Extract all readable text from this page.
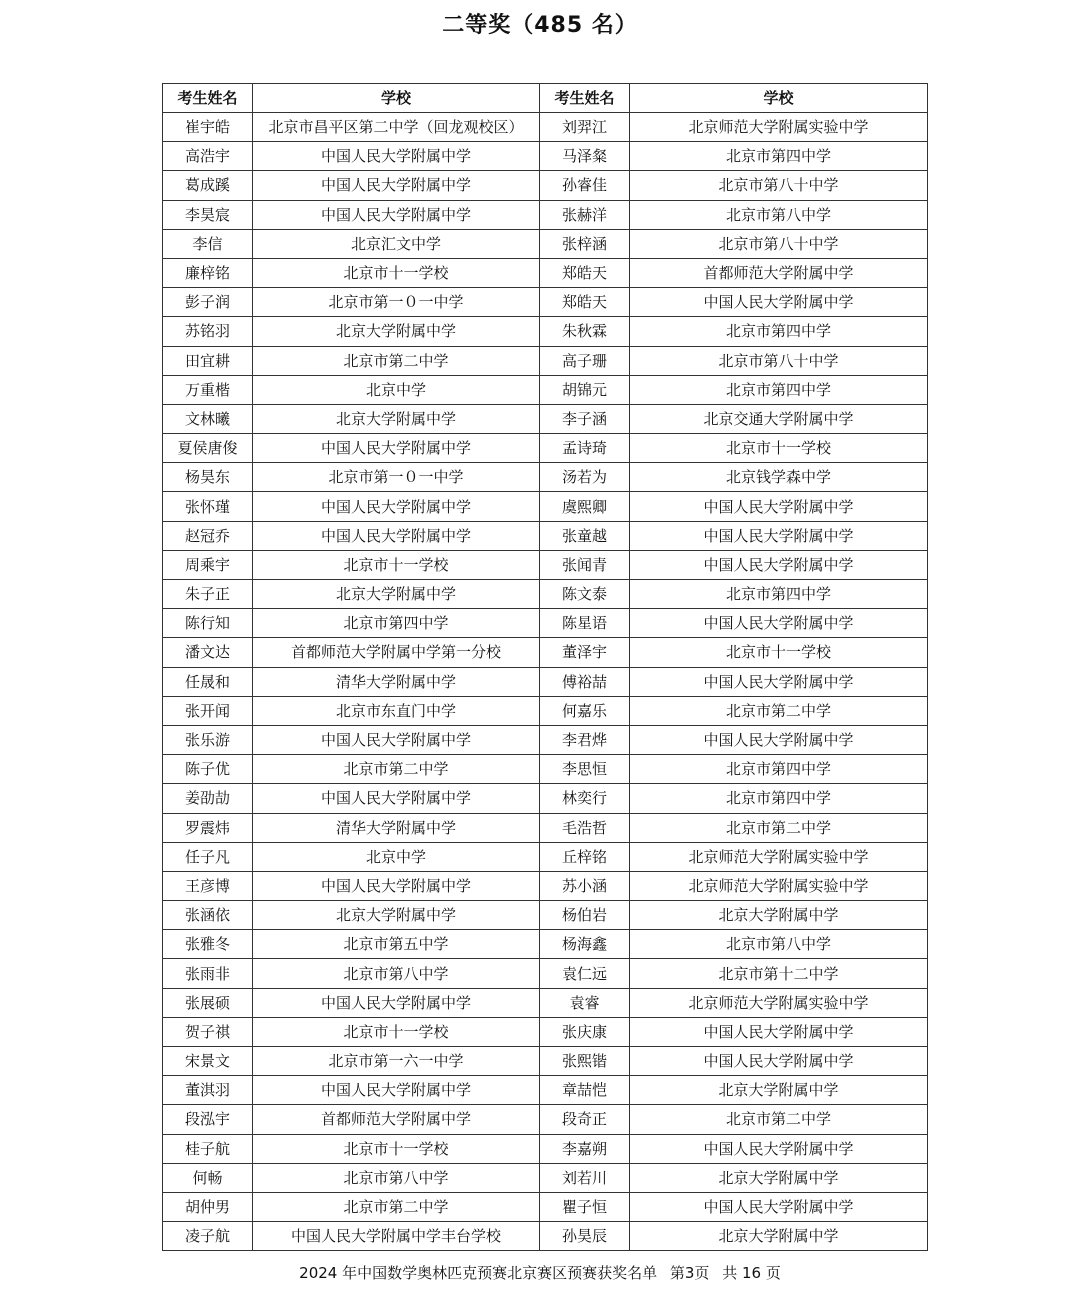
二等奖（485 名）
考生姓名	学校	考生姓名	学校
崔宇皓	北京市昌平区第二中学（回龙观校区）	刘羿江	北京师范大学附属实验中学
高浩宇	中国人民大学附属中学	马泽粲	北京市第四中学
葛成蹊	中国人民大学附属中学	孙睿佳	北京市第八十中学
李昊宸	中国人民大学附属中学	张赫洋	北京市第八中学
李信	北京汇文中学	张梓涵	北京市第八十中学
廉梓铭	北京市十一学校	郑皓天	首都师范大学附属中学
彭子润	北京市第一０一中学	郑皓天	中国人民大学附属中学
苏铭羽	北京大学附属中学	朱秋霖	北京市第四中学
田宜耕	北京市第二中学	高子珊	北京市第八十中学
万重楷	北京中学	胡锦元	北京市第四中学
文林曦	北京大学附属中学	李子涵	北京交通大学附属中学
夏侯唐俊	中国人民大学附属中学	孟诗琦	北京市十一学校
杨昊东	北京市第一０一中学	汤若为	北京钱学森中学
张怀瑾	中国人民大学附属中学	虞熙卿	中国人民大学附属中学
赵冠乔	中国人民大学附属中学	张童越	中国人民大学附属中学
周乘宇	北京市十一学校	张闻青	中国人民大学附属中学
朱子正	北京大学附属中学	陈文泰	北京市第四中学
陈行知	北京市第四中学	陈星语	中国人民大学附属中学
潘文达	首都师范大学附属中学第一分校	董泽宇	北京市十一学校
任晟和	清华大学附属中学	傅裕喆	中国人民大学附属中学
张开闻	北京市东直门中学	何嘉乐	北京市第二中学
张乐游	中国人民大学附属中学	李君烨	中国人民大学附属中学
陈子优	北京市第二中学	李思恒	北京市第四中学
姜劭劼	中国人民大学附属中学	林奕行	北京市第四中学
罗震炜	清华大学附属中学	毛浩哲	北京市第二中学
任子凡	北京中学	丘梓铭	北京师范大学附属实验中学
王彦博	中国人民大学附属中学	苏小涵	北京师范大学附属实验中学
张涵依	北京大学附属中学	杨伯岩	北京大学附属中学
张雅冬	北京市第五中学	杨海鑫	北京市第八中学
张雨非	北京市第八中学	袁仁远	北京市第十二中学
张展硕	中国人民大学附属中学	袁睿	北京师范大学附属实验中学
贺子祺	北京市十一学校	张庆康	中国人民大学附属中学
宋景文	北京市第一六一中学	张熙锴	中国人民大学附属中学
董淇羽	中国人民大学附属中学	章喆恺	北京大学附属中学
段泓宇	首都师范大学附属中学	段奇正	北京市第二中学
桂子航	北京市十一学校	李嘉朔	中国人民大学附属中学
何畅	北京市第八中学	刘若川	北京大学附属中学
胡仲男	北京市第二中学	瞿子恒	中国人民大学附属中学
凌子航	中国人民大学附属中学丰台学校	孙昊辰	北京大学附属中学
2024 年中国数学奥林匹克预赛北京赛区预赛获奖名单 第3页 共 16 页
